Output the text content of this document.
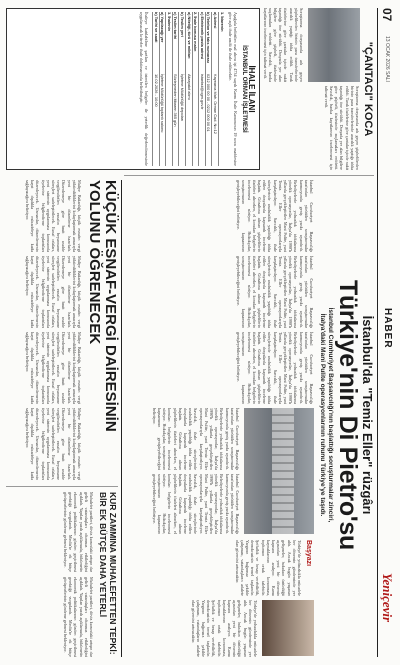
07
13 OCAK 2026 SALI
HABER
Yeniçevir
İstanbul'da "Temiz Eller" rüzgârı
Türkiye'nin Di Pietro'su
İstanbul Cumhuriyet Başsavcılığı'nın başlattığı soruşturmalar zinciri,
İtalya'daki Mani Pulite operasyonlarının ruhunu Türkiye'ye taşıdı.
"ÇANTACI" KOCA
Soruşturma dosyasında adı geçen şüphelilerden birinin para transferlerinde aracılık yaptığı iddia edildi. Tanık ifadelerine göre çantalar içinde nakit taşındığı öne sürüldü. Dosyada yer alan bilgilere göre şüpheli, ifadesinde suçlamaları reddetti. Savcılık, banka kayıtlarının incelenmesi için talimat verdi.
Soruşturma dosyasında adı geçen şüphelilerden birinin para transferlerinde aracılık yaptığı iddia edildi. Tanık ifadelerine göre çantalar içinde nakit taşındığı öne sürüldü. Dosyada yer alan bilgilere göre şüpheli, ifadesinde suçlamaları reddetti. Savcılık, banka kayıtlarının incelenmesi için talimat verdi.
İstanbul Cumhuriyet Başsavcılığı tarafından yürütülen soruşturmalar kamuoyunda geniş yankı uyandırdı. Belediyelerde yolsuzluk iddialarına yönelik operasyonlar, İtalya'da 1990'lı yıllarda gerçekleştirilen Mani Pulite, yani Temiz Eller operasyonlarıyla karşılaştırılıyor. Savcılık, ihale süreçlerinde usulsüzlük yapıldığı iddia edilen dosyalarda kapsamlı inceleme başlattı. Gözaltına alınan şüphelilerin ifadeleri alınırken, el konulan belgelerin incelenmesi sürüyor. Hukukçular, soruşturmanın kapsamının genişleyebileceğini belirtiyor.
İstanbul Cumhuriyet Başsavcılığı tarafından yürütülen soruşturmalar kamuoyunda geniş yankı uyandırdı. Belediyelerde yolsuzluk iddialarına yönelik operasyonlar, İtalya'da 1990'lı yıllarda gerçekleştirilen Mani Pulite, yani Temiz Eller operasyonlarıyla karşılaştırılıyor. Savcılık, ihale süreçlerinde usulsüzlük yapıldığı iddia edilen dosyalarda kapsamlı inceleme başlattı. Gözaltına alınan şüphelilerin ifadeleri alınırken, el konulan belgelerin incelenmesi sürüyor. Hukukçular, soruşturmanın kapsamının genişleyebileceğini belirtiyor.
İstanbul Cumhuriyet Başsavcılığı tarafından yürütülen soruşturmalar kamuoyunda geniş yankı uyandırdı. Belediyelerde yolsuzluk iddialarına yönelik operasyonlar, İtalya'da 1990'lı yıllarda gerçekleştirilen Mani Pulite, yani Temiz Eller operasyonlarıyla karşılaştırılıyor. Savcılık, ihale süreçlerinde usulsüzlük yapıldığı iddia edilen dosyalarda kapsamlı inceleme başlattı. Gözaltına alınan şüphelilerin ifadeleri alınırken, el konulan belgelerin incelenmesi sürüyor. Hukukçular, soruşturmanın kapsamının genişleyebileceğini belirtiyor.
İstanbul Cumhuriyet Başsavcılığı tarafından yürütülen soruşturmalar kamuoyunda geniş yankı uyandırdı. Belediyelerde yolsuzluk iddialarına yönelik operasyonlar, İtalya'da 1990'lı yıllarda gerçekleştirilen Mani Pulite, yani Temiz Eller operasyonlarıyla karşılaştırılıyor. Savcılık, ihale süreçlerinde usulsüzlük yapıldığı iddia edilen dosyalarda kapsamlı inceleme başlattı. Gözaltına alınan şüphelilerin ifadeleri alınırken, el konulan belgelerin incelenmesi sürüyor. Hukukçular, soruşturmanın kapsamının genişleyebileceğini belirtiyor.
İstanbul Cumhuriyet Başsavcılığı tarafından yürütülen soruşturmalar kamuoyunda geniş yankı uyandırdı. Belediyelerde yolsuzluk iddialarına yönelik operasyonlar, İtalya'da 1990'lı yıllarda gerçekleştirilen Mani Pulite, yani Temiz Eller operasyonlarıyla karşılaştırılıyor. Savcılık, ihale süreçlerinde usulsüzlük yapıldığı iddia edilen dosyalarda kapsamlı inceleme başlattı. Gözaltına alınan şüphelilerin ifadeleri alınırken, el konulan belgelerin incelenmesi sürüyor. Hukukçular, soruşturmanın kapsamının genişleyebileceğini belirtiyor.
Başyazı
Türkiye'de yolsuzlukla mücadele her dönemin gündeminde yer aldı. Ancak bugün yaşanan gelişmeler, hukukun üstünlüğü açısından yeni bir dönemin kapısını aralıyor. Kamu kaynaklarının korunması, toplumun ortak talebidir. Şeffaflık ve hesap verebilirlik, demokrasinin temel taşlarıdır. Yargının bağımsız şekilde çalışması, vatandaşların adalete olan güvenini artıracaktır.
Türkiye'de yolsuzlukla mücadele her dönemin gündeminde yer aldı. Ancak bugün yaşanan gelişmeler, hukukun üstünlüğü açısından yeni bir dönemin kapısını aralıyor. Kamu kaynaklarının korunması, toplumun ortak talebidir. Şeffaflık ve hesap verebilirlik, demokrasinin temel taşlarıdır. Yargının bağımsız şekilde çalışması, vatandaşların adalete olan güvenini artıracaktır.
KÜÇÜK ESNAF-VERGİ DAİRESİNİN
YOLUNU ÖĞRENECEK
Maliye Bakanlığı, küçük esnafın vergi yükümlülüklerini kolaylaştırmak amacıyla yeni bir düzenleme hazırladı. Düzenlemeye göre basit usulde vergilendirilen esnafın beyanname süreçleri sadeleştirilecek. Esnaf odaları, yeni sistemin uygulanması konusunda üyelerine bilgilendirme toplantıları düzenleyecek. Uzmanlar, düzenlemenin kayıt dışılıkla mücadeleye katkı sağlayacağını belirtiyor.
Maliye Bakanlığı, küçük esnafın vergi yükümlülüklerini kolaylaştırmak amacıyla yeni bir düzenleme hazırladı. Düzenlemeye göre basit usulde vergilendirilen esnafın beyanname süreçleri sadeleştirilecek. Esnaf odaları, yeni sistemin uygulanması konusunda üyelerine bilgilendirme toplantıları düzenleyecek. Uzmanlar, düzenlemenin kayıt dışılıkla mücadeleye katkı sağlayacağını belirtiyor.
Maliye Bakanlığı, küçük esnafın vergi yükümlülüklerini kolaylaştırmak amacıyla yeni bir düzenleme hazırladı. Düzenlemeye göre basit usulde vergilendirilen esnafın beyanname süreçleri sadeleştirilecek. Esnaf odaları, yeni sistemin uygulanması konusunda üyelerine bilgilendirme toplantıları düzenleyecek. Uzmanlar, düzenlemenin kayıt dışılıkla mücadeleye katkı sağlayacağını belirtiyor.
Maliye Bakanlığı, küçük esnafın vergi yükümlülüklerini kolaylaştırmak amacıyla yeni bir düzenleme hazırladı. Düzenlemeye göre basit usulde vergilendirilen esnafın beyanname süreçleri sadeleştirilecek. Esnaf odaları, yeni sistemin uygulanması konusunda üyelerine bilgilendirme toplantıları düzenleyecek. Uzmanlar, düzenlemenin kayıt dışılıkla mücadeleye katkı sağlayacağını belirtiyor.
KUR ZAMMINA MUHALEFETTEN TEPKİ: BİR EK BÜTÇE DAHA YETERLİ
Muhalefet partileri, döviz kurundaki artışın dar gelirli vatandaşları olumsuz etkilediğini açıkladı. Yapılan yazılı açıklamada, hükümetin ekonomik politikalarının gözden geçirilmesi gerektiği vurgulandı. Meclis'te ek bütçe görüşmelerinin gündeme gelmesi bekleniyor.
Muhalefet partileri, döviz kurundaki artışın dar gelirli vatandaşları olumsuz etkilediğini açıkladı. Yapılan yazılı açıklamada, hükümetin ekonomik politikalarının gözden geçirilmesi gerektiği vurgulandı. Meclis'te ek bütçe görüşmelerinin gündeme gelmesi bekleniyor.
İHALE İLANI
İSTANBUL ORMAN İŞLETMESİ
Aşağıda belirtilen mal alımı işi 4734 sayılı Kamu İhale Kanununun 19 uncu maddesine göre açık ihale usulü ile ihale edilecektir.
1. İdarenin
a) Adresi
Kaynarca Mah. Orman Cad. No:12
b) Telefon ve faks numarası
0212 000 00 00 - 0212 000 00 01
c) Elektronik posta adresi
istanbul@ogm.gov.tr
2. İhale konusu malın
a) Niteliği, türü ve miktarı
Akaryakıt alımı
b) Teslim yeri
İşletme Müdürlüğü depoları
c) Teslim tarihi
Sözleşmeden itibaren 365 gün
3. İhalenin
a) Yapılacağı yer
İşletme Müdürlüğü toplantı salonu
b) Tarihi ve saati
10.02.2026 - 10:00
İhaleye katılabilme şartları ve istenilen belgeler ile yeterlik değerlendirmesinde uygulanacak kriterler ihale dokümanında belirtilmiştir.
